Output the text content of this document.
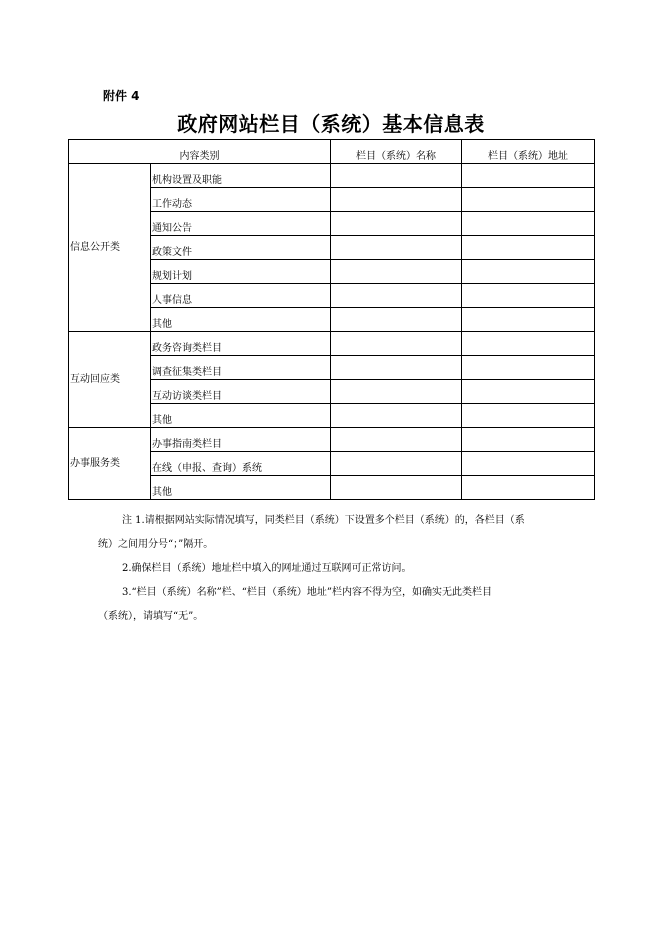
附件 4
政府网站栏目（系统）基本信息表
内容类别		栏目（系统）名称	栏目（系统）地址
信息公开类	机构设置及职能		
	工作动态		
	通知公告		
	政策文件		
	规划计划		
	人事信息		
	其他		
互动回应类	政务咨询类栏目		
	调查征集类栏目		
	互动访谈类栏目		
	其他		
办事服务类	办事指南类栏目		
	在线（申报、查询）系统		
	其他		

注 1.请根据网站实际情况填写，同类栏目（系统）下设置多个栏目（系统）的，各栏目（系

统）之间用分号“；”隔开。

2.确保栏目（系统）地址栏中填入的网址通过互联网可正常访问。

3.“栏目（系统）名称”栏、“栏目（系统）地址”栏内容不得为空，如确实无此类栏目

（系统），请填写“无”。
